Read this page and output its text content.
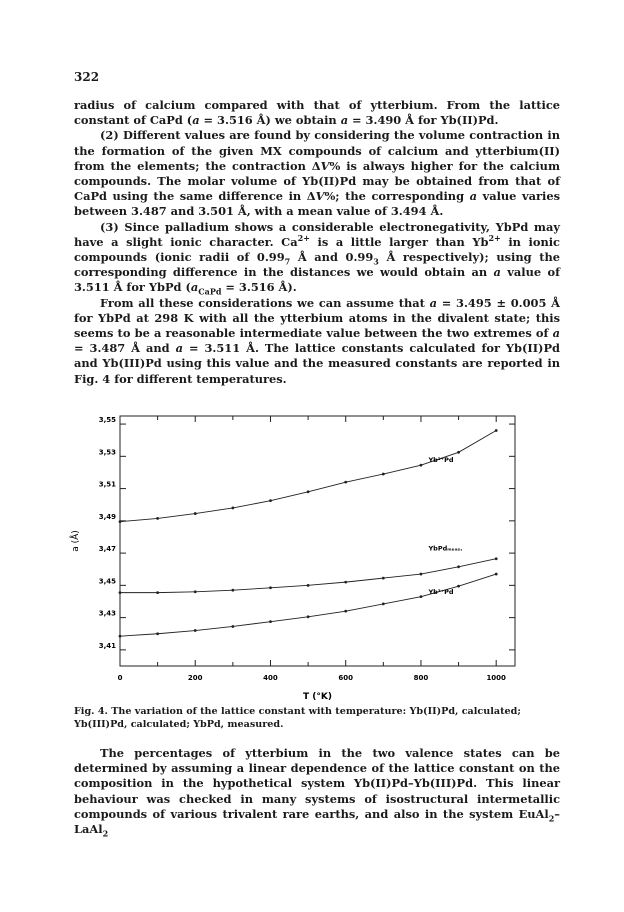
322

radius of calcium compared with that of ytterbium. From the lattice constant of CaPd (a = 3.516 Å) we obtain a = 3.490 Å for Yb(II)Pd.

(2) Different values are found by considering the volume contraction in the formation of the given MX compounds of calcium and ytterbium(II) from the elements; the contraction ΔV% is always higher for the calcium compounds. The molar volume of Yb(II)Pd may be obtained from that of CaPd using the same difference in ΔV%; the corresponding a value varies between 3.487 and 3.501 Å, with a mean value of 3.494 Å.

(3) Since palladium shows a considerable electronegativity, YbPd may have a slight ionic character. $Ca^{2+}$ is a little larger than $Yb^{2+}$ in ionic compounds (ionic radii of $0.99_7$ Å and $0.99_3$ Å respectively); using the corresponding difference in the distances we would obtain an a value of 3.511 Å for YbPd ($a_{CaPd} = 3.516$ Å).

From all these considerations we can assume that a = 3.495 ± 0.005 Å for YbPd at 298 K with all the ytterbium atoms in the divalent state; this seems to be a reasonable intermediate value between the two extremes of a = 3.487 Å and a = 3.511 Å. The lattice constants calculated for Yb(II)Pd and Yb(III)Pd using this value and the measured constants are reported in Fig. 4 for different temperatures.

3,41
3,43
3,45
3,47
3,49
3,51
3,53
3,55
0	200	400	600	800	1000
Yb²⁺Pd
YbPdₘₑₐₛ.
Yb³⁺Pd
a (Å)
T (°K)
Fig. 4. The variation of the lattice constant with temperature: Yb(II)Pd, calculated; Yb(III)Pd, calculated; YbPd, measured.

The percentages of ytterbium in the two valence states can be determined by assuming a linear dependence of the lattice constant on the composition in the hypothetical system Yb(II)Pd–Yb(III)Pd. This linear behaviour was checked in many systems of isostructural intermetallic compounds of various trivalent rare earths, and also in the system EuAl$_2$–LaAl$_2$
